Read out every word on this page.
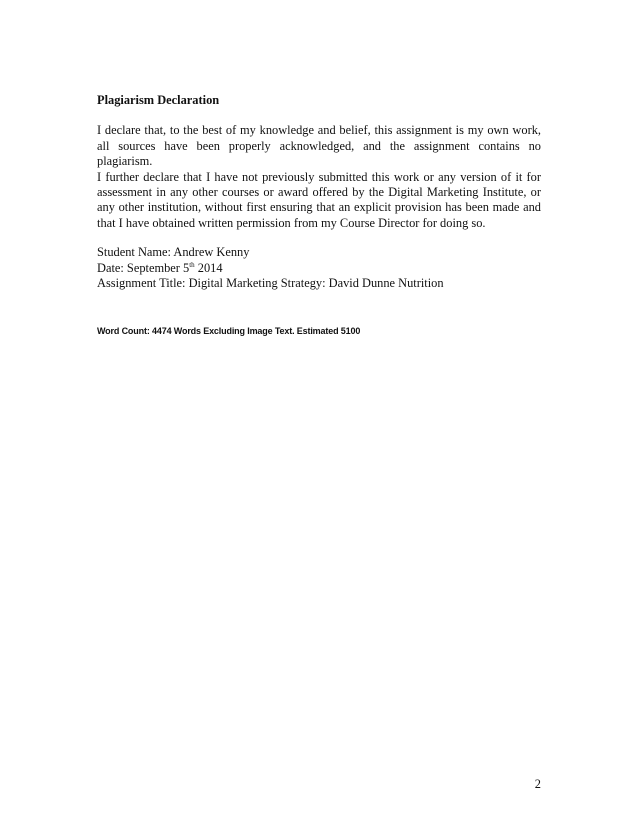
Plagiarism Declaration

I declare that, to the best of my knowledge and belief, this assignment is my own work, all sources have been properly acknowledged, and the assignment contains no plagiarism.

I further declare that I have not previously submitted this work or any version of it for assessment in any other courses or award offered by the Digital Marketing Institute, or any other institution, without first ensuring that an explicit provision has been made and that I have obtained written permission from my Course Director for doing so.

Student Name: Andrew Kenny

Date: September 5th 2014

Assignment Title: Digital Marketing Strategy: David Dunne Nutrition

Word Count: 4474 Words Excluding Image Text. Estimated 5100
2
